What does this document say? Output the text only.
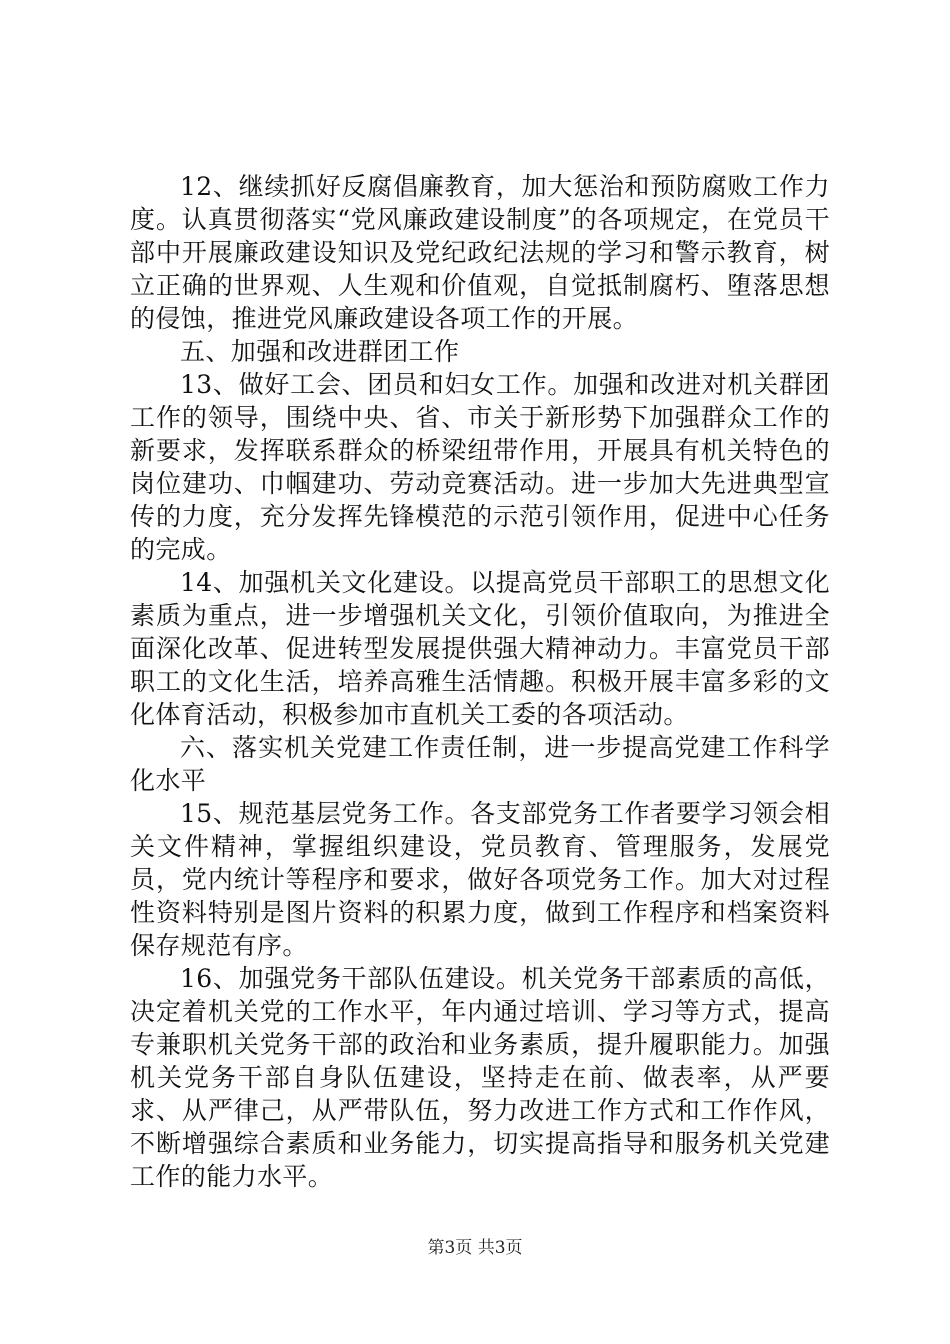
12、继续抓好反腐倡廉教育，加大惩治和预防腐败工作力度。认真贯彻落实“党风廉政建设制度”的各项规定，在党员干部中开展廉政建设知识及党纪政纪法规的学习和警示教育，树立正确的世界观、人生观和价值观，自觉抵制腐朽、堕落思想的侵蚀，推进党风廉政建设各项工作的开展。

五、加强和改进群团工作

13、做好工会、团员和妇女工作。加强和改进对机关群团工作的领导，围绕中央、省、市关于新形势下加强群众工作的新要求，发挥联系群众的桥梁纽带作用，开展具有机关特色的岗位建功、巾帼建功、劳动竞赛活动。进一步加大先进典型宣传的力度，充分发挥先锋模范的示范引领作用，促进中心任务的完成。

14、加强机关文化建设。以提高党员干部职工的思想文化素质为重点，进一步增强机关文化，引领价值取向，为推进全面深化改革、促进转型发展提供强大精神动力。丰富党员干部职工的文化生活，培养高雅生活情趣。积极开展丰富多彩的文化体育活动，积极参加市直机关工委的各项活动。

六、落实机关党建工作责任制，进一步提高党建工作科学化水平

15、规范基层党务工作。各支部党务工作者要学习领会相关文件精神，掌握组织建设，党员教育、管理服务，发展党员，党内统计等程序和要求，做好各项党务工作。加大对过程性资料特别是图片资料的积累力度，做到工作程序和档案资料保存规范有序。

16、加强党务干部队伍建设。机关党务干部素质的高低，决定着机关党的工作水平，年内通过培训、学习等方式，提高专兼职机关党务干部的政治和业务素质，提升履职能力。加强机关党务干部自身队伍建设，坚持走在前、做表率，从严要求、从严律己，从严带队伍，努力改进工作方式和工作作风，不断增强综合素质和业务能力，切实提高指导和服务机关党建工作的能力水平。

第3页 共3页
